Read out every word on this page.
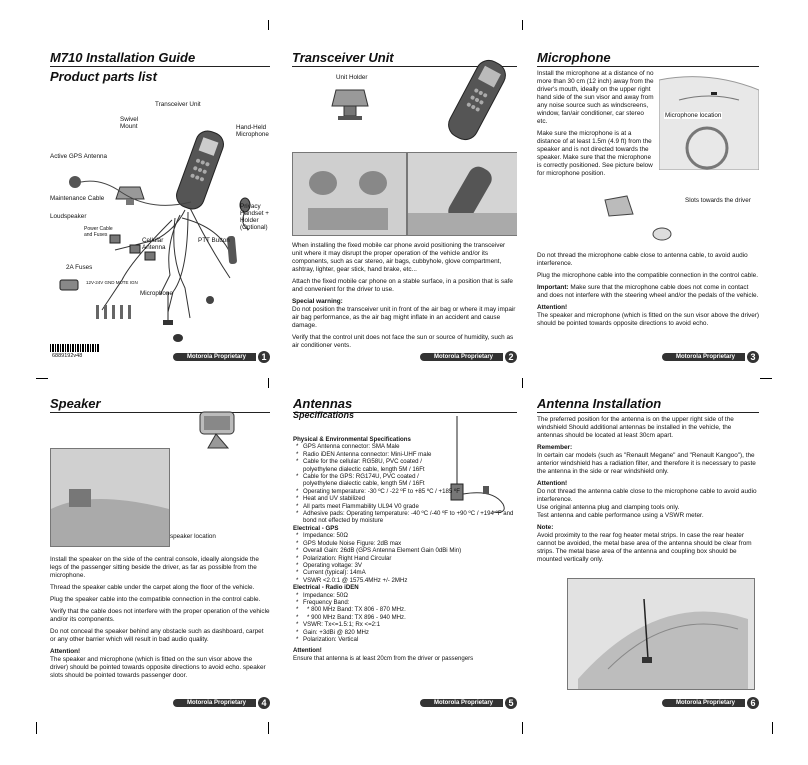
M710 Installation Guide
Product parts list
Transceiver Unit
Swivel Mount	Hand-Held Microphone
Active GPS Antenna
Maintenance Cable
Loudspeaker
Power Cable and Fuses
Privacy Handset + Holder (Optional)
Cellular Antenna
PTT Button
2A Fuses
12V-24V GND MUTE IGN
Microphone
6889192v48	Motorola Proprietary	1
Transceiver Unit
Unit Holder

When installing the fixed mobile car phone avoid positioning the transceiver unit where it may disrupt the proper operation of the vehicle and/or its components, such as car stereo, air bags, cubbyhole, glove compartment, ashtray, lighter, gear stick, hand brake, etc...

Attach the fixed mobile car phone on a stable surface, in a position that is safe and convenient for the driver to use.

Special warning:

Do not position the transceiver unit in front of the air bag or where it may impair air bag performance, as the air bag might inflate in an accident and cause damage.

Verify that the control unit does not face the sun or source of humidity, such as air conditioner vents.

Motorola Proprietary	2
Microphone

Install the microphone at a distance of no more than 30 cm (12 inch) away from the driver's mouth, ideally on the upper right hand side of the sun visor and away from any noise source such as windscreens, window, fan/air conditioner, car stereo etc.

Make sure the microphone is at a distance of at least 1.5m (4.9 ft) from the speaker and is not directed towards the speaker. Make sure that the microphone is correctly positioned. See picture below for microphone position.

Microphone location
Slots towards the driver

Do not thread the microphone cable close to antenna cable, to avoid audio interference.

Plug the microphone cable into the compatible connection in the control cable.

Important: Make sure that the microphone cable does not come in contact and does not interfere with the steering wheel and/or the pedals of the vehicle.

Attention!

The speaker and microphone (which is fitted on the sun visor above the driver) should be pointed towards opposite directions to avoid echo.

Motorola Proprietary	3
Speaker
speaker location

Install the speaker on the side of the central console, ideally alongside the legs of the passenger sitting beside the driver, as far as possible from the microphone.

Thread the speaker cable under the carpet along the floor of the vehicle.

Plug the speaker cable into the compatible connection in the control cable.

Verify that the cable does not interfere with the proper operation of the vehicle and/or its components.

Do not conceal the speaker behind any obstacle such as dashboard, carpet or any other barrier which will result in bad audio quality.

Attention!

The speaker and microphone (which is fitted on the sun visor above the driver) should be pointed towards opposite directions to avoid echo. speaker slots should be pointed towards passenger door.

Motorola Proprietary	4
Antennas
Specifications
Physical & Environmental Specifications
* GPS Antenna connector: SMA Male
* Radio iDEN Antenna connector: Mini-UHF male
* Cable for the cellular: RG58U, PVC coated / polyethylene dialectic cable, length 5M / 16Ft
* Cable for the GPS: RG174U, PVC coated / polyethylene dialectic cable, length 5M / 16Ft
* Operating temperature: -30 ºC / -22 ºF to +85 ºC / +185 ºF
* Heat and UV stabilized
* All parts meet Flammability UL94 V0 grade
* Adhesive pads: Operating temperature: -40 ºC /-40 ºF to +90 ºC / +194 ºF and bond not effected by moisture
Electrical - GPS
* Impedance: 50Ω
* GPS Module Noise Figure: 2dB max
* Overall Gain: 26dB (GPS Antenna Element Gain 0dBi Min)
* Polarization: Right Hand Circular
* Operating voltage: 3V
* Current (typical): 14mA
* VSWR <2.0:1 @ 1575.4MHz +/- 2MHz
Electrical - Radio iDEN
* Impedance: 50Ω
* Frequency Band:
* * 800 MHz Band: TX 806 - 870 MHz.
* * 900 MHz Band: TX 896 - 940 MHz.
* VSWR: Tx<=1.5:1; Rx <=2:1
* Gain: +3dBi @ 820 MHz
* Polarization: Vertical
Attention!
Ensure that antenna is at least 20cm from the driver or passengers
Motorola Proprietary	5
Antenna Installation

The preferred position for the antenna is on the upper right side of the windshield Should additional antennas be installed in the vehicle, the antennas should be located at least 30cm apart.

Remember:

In certain car models (such as "Renault Megane" and "Renault Kangoo"), the anterior windshield has a radiation filter, and therefore it is necessary to paste the antenna in the side or rear windshield only.

Attention!
Do not thread the antenna cable close to the microphone cable to avoid audio interference.
Use original antenna plug and clamping tools only.

Test antenna and cable performance using a VSWR meter.

Note:

Avoid proximity to the rear fog heater metal strips. In case the rear heater cannot be avoided, the metal base area of the antenna should be clear from strips. The metal base area of the antenna and coupling box should be mounted vertically only.

Motorola Proprietary	6
